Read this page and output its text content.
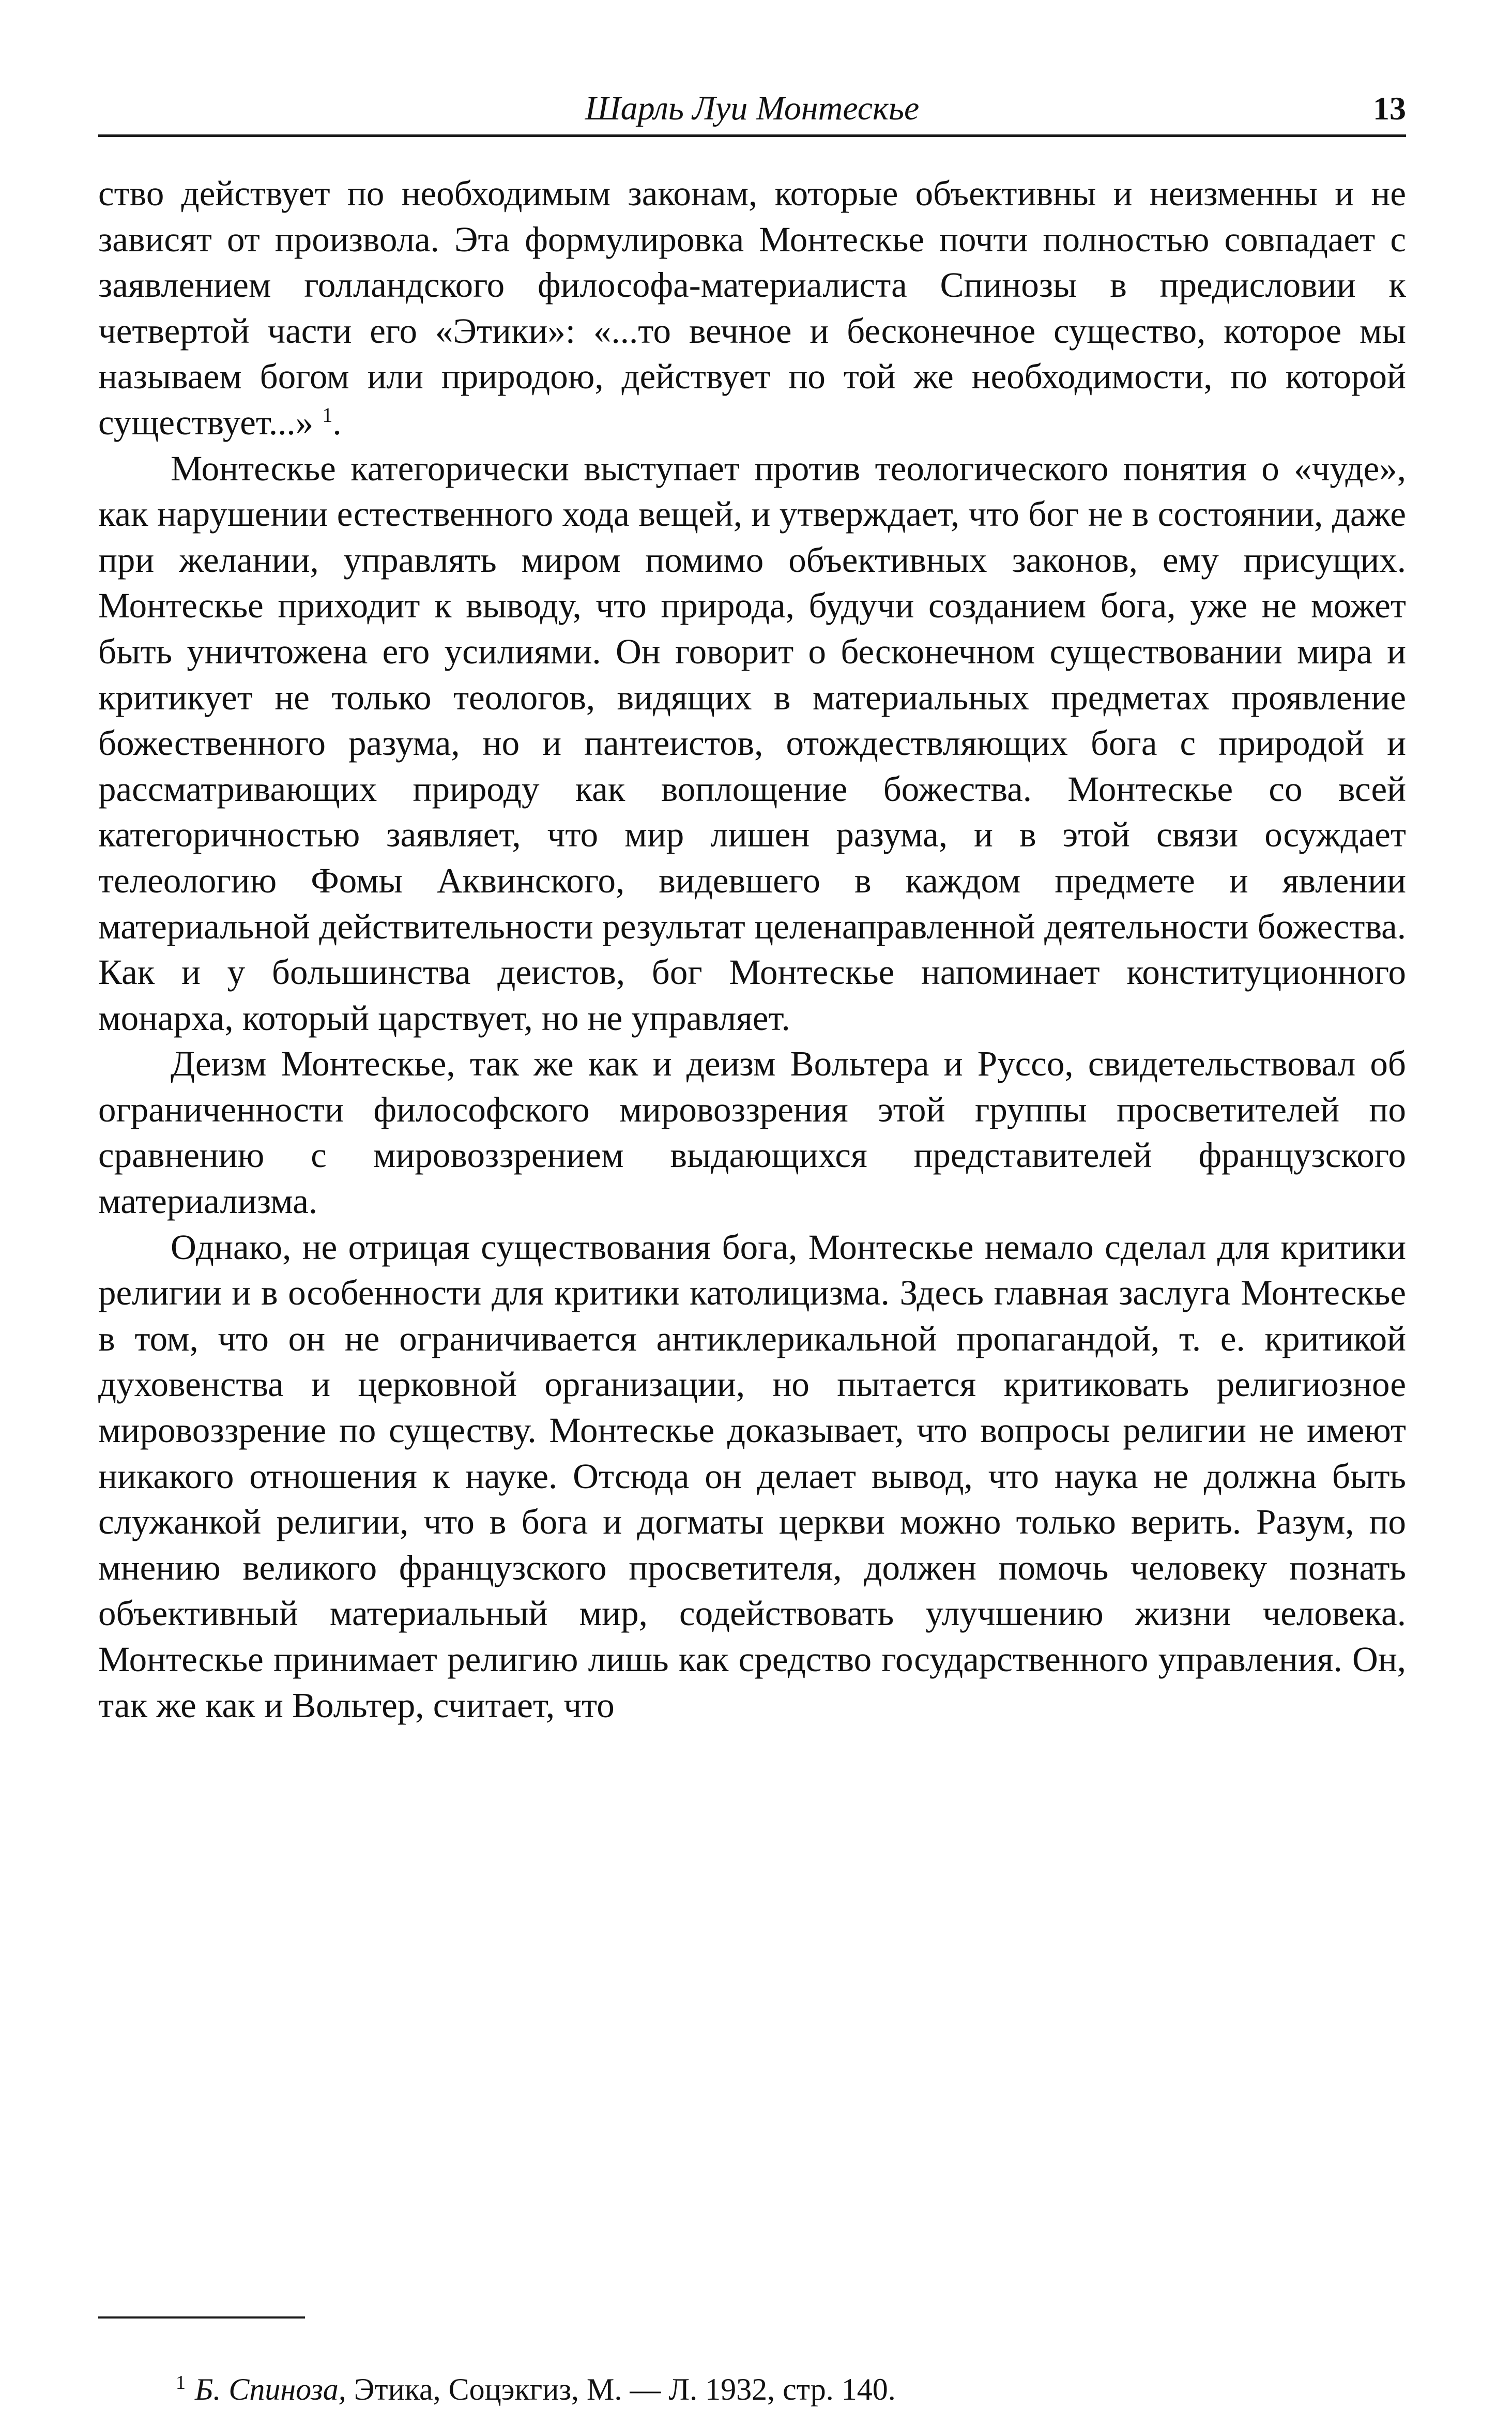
Шарль Луи Монтескье	13

ство действует по необходимым законам, которые объективны и неизменны и не зависят от произвола. Эта формулировка Монтескье почти полностью совпадает с заявлением голландского философа-материалиста Спинозы в предисловии к четвертой части его «Этики»: «...то вечное и бесконечное существо, которое мы называем богом или природою, действует по той же необходимости, по которой существует...» $^1$.

Монтескье категорически выступает против теологического понятия о «чуде», как нарушении естественного хода вещей, и утверждает, что бог не в состоянии, даже при желании, управлять миром помимо объективных законов, ему присущих. Монтескье приходит к выводу, что природа, будучи созданием бога, уже не может быть уничтожена его усилиями. Он говорит о бесконечном существовании мира и критикует не только теологов, видящих в материальных предметах проявление божественного разума, но и пантеистов, отождествляющих бога с природой и рассматривающих природу как воплощение божества. Монтескье со всей категоричностью заявляет, что мир лишен разума, и в этой связи осуждает телеологию Фомы Аквинского, видевшего в каждом предмете и явлении материальной действительности результат целенаправленной деятельности божества. Как и у большинства деистов, бог Монтескье напоминает конституционного монарха, который царствует, но не управляет.

Деизм Монтескье, так же как и деизм Вольтера и Руссо, свидетельствовал об ограниченности философского мировоззрения этой группы просветителей по сравнению с мировоззрением выдающихся представителей французского материализма.

Однако, не отрицая существования бога, Монтескье немало сделал для критики религии и в особенности для критики католицизма. Здесь главная заслуга Монтескье в том, что он не ограничивается антиклерикальной пропагандой, т. е. критикой духовенства и церковной организации, но пытается критиковать религиозное мировоззрение по существу. Монтескье доказывает, что вопросы религии не имеют никакого отношения к науке. Отсюда он делает вывод, что наука не должна быть служанкой религии, что в бога и догматы церкви можно только верить. Разум, по мнению великого французского просветителя, должен помочь человеку познать объективный материальный мир, содействовать улучшению жизни человека. Монтескье принимает религию лишь как средство государственного управления. Он, так же как и Вольтер, считает, что

$^1$ Б. Спиноза, Этика, Соцэкгиз, М. — Л. 1932, стр. 140.
